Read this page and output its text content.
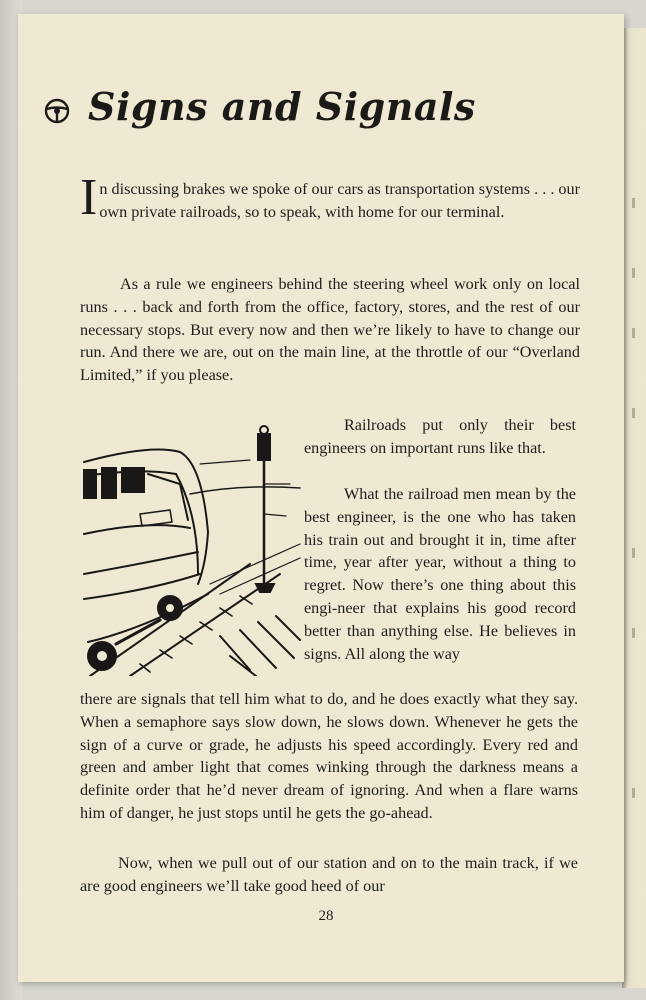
Signs and Signals
In discussing brakes we spoke of our cars as transportation systems . . . our own private railroads, so to speak, with home for our terminal.
As a rule we engineers behind the steering wheel work only on local runs . . . back and forth from the office, factory, stores, and the rest of our necessary stops. But every now and then we’re likely to have to change our run. And there we are, out on the main line, at the throttle of our “Overland Limited,” if you please.
Railroads put only their best engineers on important runs like that.
What the railroad men mean by the best engineer, is the one who has taken his train out and brought it in, time after time, year after year, without a thing to regret. Now there’s one thing about this engi-neer that explains his good record better than anything else. He believes in signs. All along the way
there are signals that tell him what to do, and he does exactly what they say. When a semaphore says slow down, he slows down. Whenever he gets the sign of a curve or grade, he adjusts his speed accordingly. Every red and green and amber light that comes winking through the darkness means a definite order that he’d never dream of ignoring. And when a flare warns him of danger, he just stops until he gets the go-ahead.
Now, when we pull out of our station and on to the main track, if we are good engineers we’ll take good heed of our
28
